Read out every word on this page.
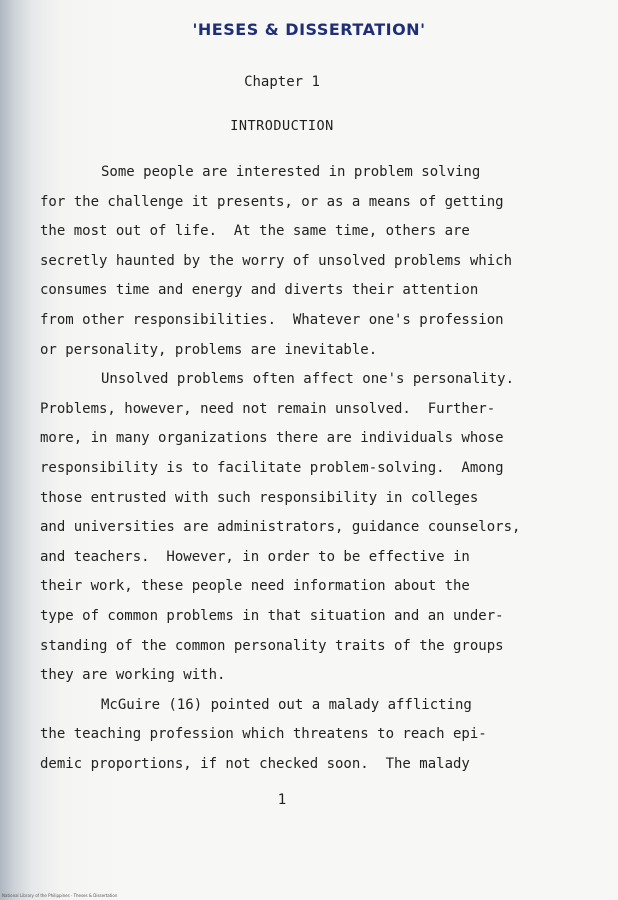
'HESES & DISSERTATION'
Chapter 1
INTRODUCTION
Some people are interested in problem solving
for the challenge it presents, or as a means of getting
the most out of life.  At the same time, others are
secretly haunted by the worry of unsolved problems which
consumes time and energy and diverts their attention
from other responsibilities.  Whatever one's profession
or personality, problems are inevitable.
Unsolved problems often affect one's personality.
Problems, however, need not remain unsolved.  Further-
more, in many organizations there are individuals whose
responsibility is to facilitate problem-solving.  Among
those entrusted with such responsibility in colleges
and universities are administrators, guidance counselors,
and teachers.  However, in order to be effective in
their work, these people need information about the
type of common problems in that situation and an under-
standing of the common personality traits of the groups
they are working with.
McGuire (16) pointed out a malady afflicting
the teaching profession which threatens to reach epi-
demic proportions, if not checked soon.  The malady
1
National Library of the Philippines · Theses & Dissertation
